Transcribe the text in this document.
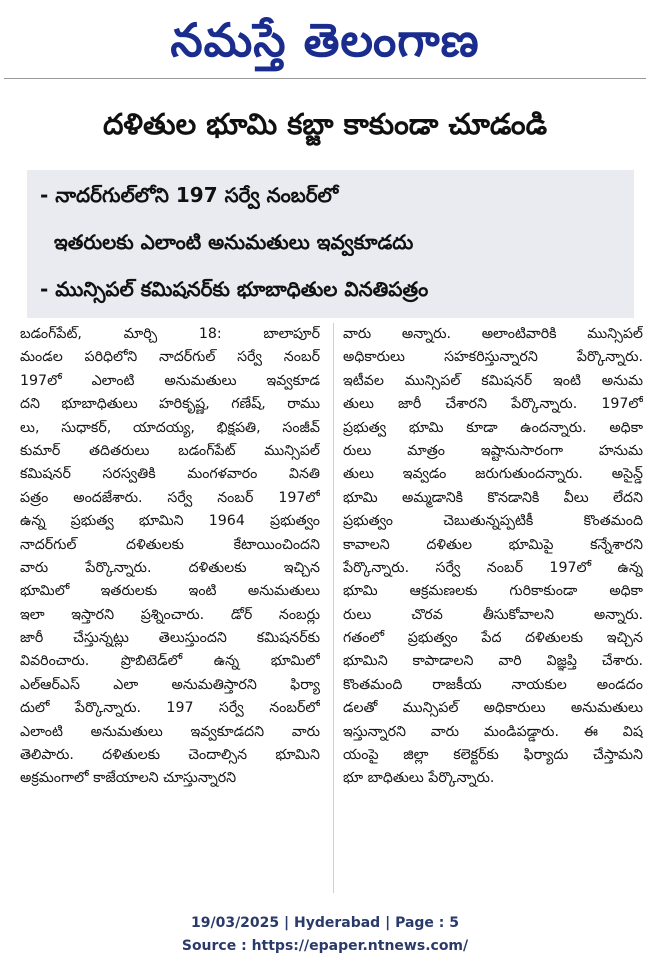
నమస్తే తెలంగాణ
దళితుల భూమి కబ్జా కాకుండా చూడండి
- నాదర్‌గుల్‌లోని 197 సర్వే నంబర్‌లో
ఇతరులకు ఎలాంటి అనుమతులు ఇవ్వకూడదు
- మున్సిపల్ కమిషనర్‌కు భూబాధితుల వినతిపత్రం
బడంగ్‌పేట్, మార్చి 18: బాలాపూర్
మండల పరిధిలోని నాదర్‌గుల్ సర్వే నంబర్
197లో ఎలాంటి అనుమతులు ఇవ్వకూడ
దని భూబాధితులు హరికృష్ణ, గణేష్, రాము
లు, సుధాకర్, యాదయ్య, భిక్షపతి, సంజీవ్
కుమార్ తదితరులు బడంగ్‌పేట్ మున్సిపల్
కమిషనర్ సరస్వతికి మంగళవారం వినతి
పత్రం అందజేశారు. సర్వే నంబర్ 197లో
ఉన్న ప్రభుత్వ భూమిని 1964 ప్రభుత్వం
నాదర్‌గుల్ దళితులకు కేటాయించిందని
వారు పేర్కొన్నారు. దళితులకు ఇచ్చిన
భూమిలో ఇతరులకు ఇంటి అనుమతులు
ఇలా ఇస్తారని ప్రశ్నించారు. డోర్ నంబర్లు
జారీ చేస్తున్నట్లు తెలుస్తుందని కమిషనర్‌కు
వివరించారు. ప్రొబిటెడ్‌లో ఉన్న భూమిలో
ఎల్ఆర్ఎస్ ఎలా అనుమతిస్తారని ఫిర్యా
దులో పేర్కొన్నారు. 197 సర్వే నంబర్‌లో
ఎలాంటి అనుమతులు ఇవ్వకూడదని వారు
తెలిపారు. దళితులకు చెందాల్సిన భూమిని
అక్రమంగాలో కాజేయాలని చూస్తున్నారని
వారు అన్నారు. అలాంటివారికి మున్సిపల్
అధికారులు సహకరిస్తున్నారని పేర్కొన్నారు.
ఇటీవల మున్సిపల్ కమిషనర్ ఇంటి అనుమ
తులు జారీ చేశారని పేర్కొన్నారు. 197లో
ప్రభుత్వ భూమి కూడా ఉందన్నారు. అధికా
రులు మాత్రం ఇష్టానుసారంగా హనుమ
తులు ఇవ్వడం జరుగుతుందన్నారు. అసైన్డ్
భూమి అమ్మడానికి కొనడానికి వీలు లేదని
ప్రభుత్వం చెబుతున్నప్పటికీ కొంతమంది
కావాలని దళితుల భూమిపై కన్నేశారని
పేర్కొన్నారు. సర్వే నంబర్ 197లో ఉన్న
భూమి ఆక్రమణలకు గురికాకుండా అధికా
రులు చొరవ తీసుకోవాలని అన్నారు.
గతంలో ప్రభుత్వం పేద దళితులకు ఇచ్చిన
భూమిని కాపాడాలని వారి విజ్ఞప్తి చేశారు.
కొంతమంది రాజకీయ నాయకుల అండదం
డలతో మున్సిపల్ అధికారులు అనుమతులు
ఇస్తున్నారని వారు మండిపడ్డారు. ఈ విష
యంపై జిల్లా కలెక్టర్‌కు ఫిర్యాదు చేస్తామని
భూ బాధితులు పేర్కొన్నారు.
19/03/2025 | Hyderabad | Page : 5
Source : https://epaper.ntnews.com/
